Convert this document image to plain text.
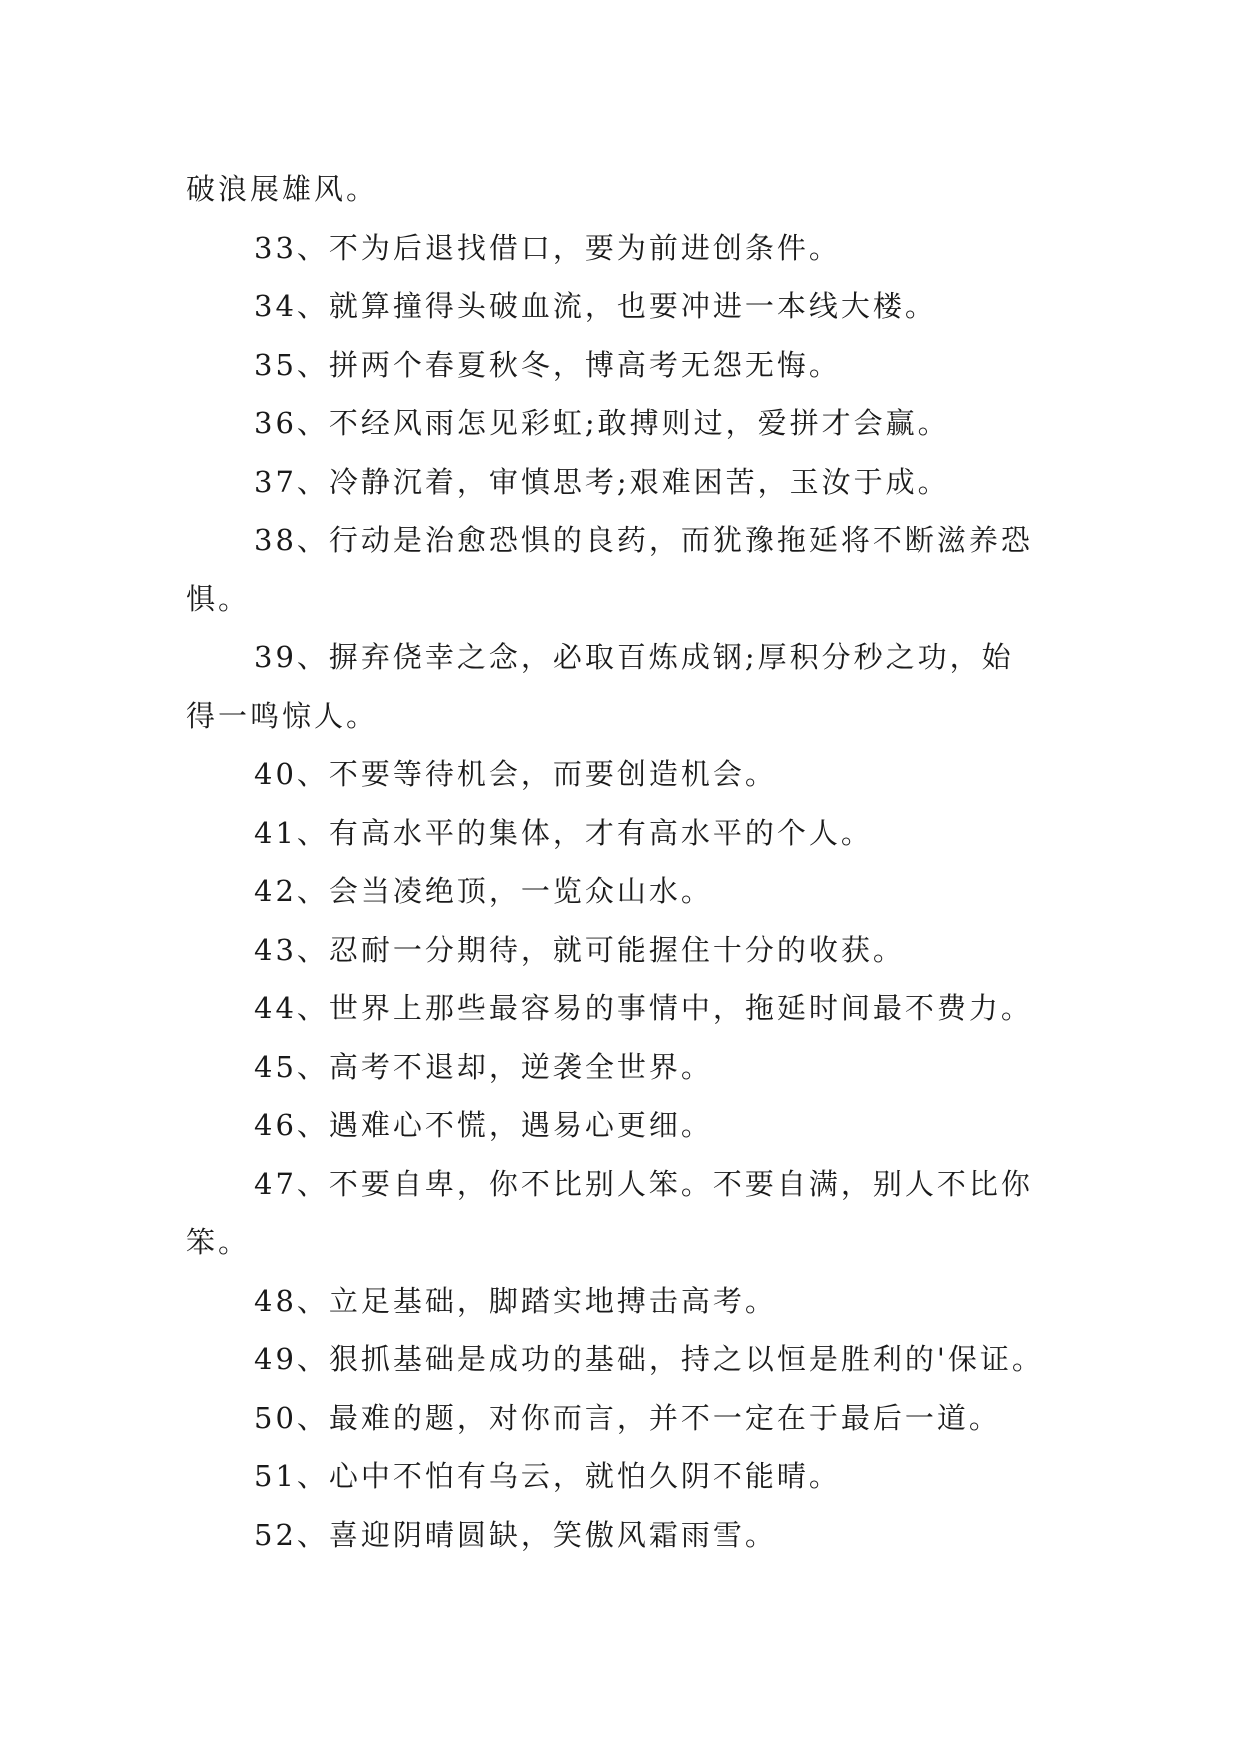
破浪展雄风。
33、不为后退找借口，要为前进创条件。
34、就算撞得头破血流，也要冲进一本线大楼。
35、拼两个春夏秋冬，博高考无怨无悔。
36、不经风雨怎见彩虹;敢搏则过，爱拼才会赢。
37、冷静沉着，审慎思考;艰难困苦，玉汝于成。
38、行动是治愈恐惧的良药，而犹豫拖延将不断滋养恐
惧。
39、摒弃侥幸之念，必取百炼成钢;厚积分秒之功，始
得一鸣惊人。
40、不要等待机会，而要创造机会。
41、有高水平的集体，才有高水平的个人。
42、会当凌绝顶，一览众山水。
43、忍耐一分期待，就可能握住十分的收获。
44、世界上那些最容易的事情中，拖延时间最不费力。
45、高考不退却，逆袭全世界。
46、遇难心不慌，遇易心更细。
47、不要自卑，你不比别人笨。不要自满，别人不比你
笨。
48、立足基础，脚踏实地搏击高考。
49、狠抓基础是成功的基础，持之以恒是胜利的'保证。
50、最难的题，对你而言，并不一定在于最后一道。
51、心中不怕有乌云，就怕久阴不能晴。
52、喜迎阴晴圆缺，笑傲风霜雨雪。
